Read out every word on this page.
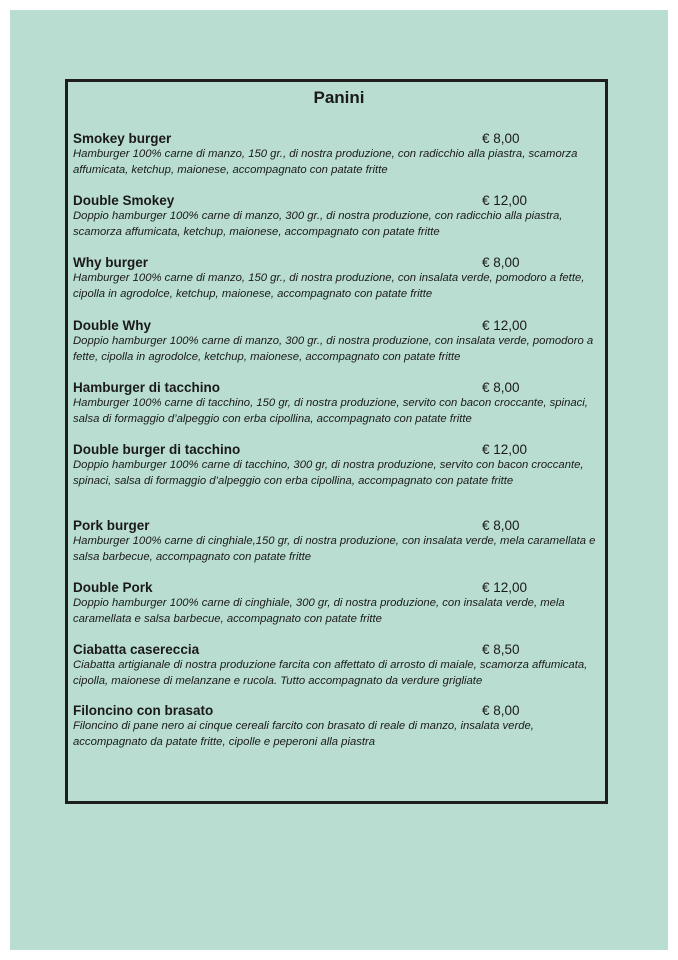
Panini
Smokey burger	€ 8,00
Hamburger 100% carne di manzo, 150 gr., di nostra produzione, con radicchio alla piastra, scamorza affumicata, ketchup, maionese, accompagnato con patate fritte
Double Smokey	€ 12,00
Doppio hamburger 100% carne di manzo, 300 gr., di nostra produzione, con radicchio alla piastra, scamorza affumicata, ketchup, maionese, accompagnato con patate fritte
Why burger	€ 8,00
Hamburger 100% carne di manzo, 150 gr., di nostra produzione, con insalata verde, pomodoro a fette, cipolla in agrodolce, ketchup, maionese, accompagnato con patate fritte
Double Why	€ 12,00
Doppio hamburger 100% carne di manzo, 300 gr., di nostra produzione, con insalata verde, pomodoro a fette, cipolla in agrodolce, ketchup, maionese, accompagnato con patate fritte
Hamburger di tacchino	€ 8,00
Hamburger 100% carne di tacchino, 150 gr, di nostra produzione, servito con bacon croccante, spinaci, salsa di formaggio d’alpeggio con erba cipollina, accompagnato con patate fritte
Double burger di tacchino	€ 12,00
Doppio hamburger 100% carne di tacchino, 300 gr, di nostra produzione, servito con bacon croccante, spinaci, salsa di formaggio d’alpeggio con erba cipollina, accompagnato con patate fritte
Pork burger	€ 8,00
Hamburger 100% carne di cinghiale,150 gr, di nostra produzione, con insalata verde, mela caramellata e salsa barbecue, accompagnato con patate fritte
Double Pork	€ 12,00
Doppio hamburger 100% carne di cinghiale, 300 gr, di nostra produzione, con insalata verde, mela caramellata e salsa barbecue, accompagnato con patate fritte
Ciabatta casereccia	€ 8,50
Ciabatta artigianale di nostra produzione farcita con affettato di arrosto di maiale, scamorza affumicata, cipolla, maionese di melanzane e rucola. Tutto accompagnato da verdure grigliate
Filoncino con brasato	€ 8,00
Filoncino di pane nero ai cinque cereali farcito con brasato di reale di manzo, insalata verde, accompagnato da patate fritte, cipolle e peperoni alla piastra
